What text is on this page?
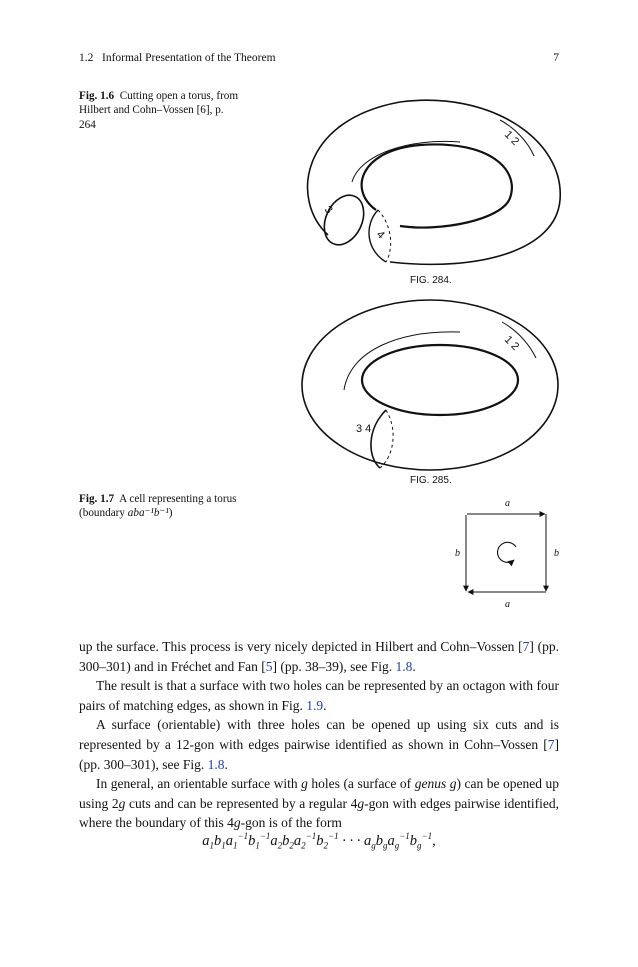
1.2   Informal Presentation of the Theorem	7
Fig. 1.6 Cutting open a torus, from Hilbert and Cohn–Vossen [6], p. 264
1 2
3
4
FIG. 284.
1 2
3 4
FIG. 285.
Fig. 1.7 A cell representing a torus (boundary aba⁻¹b⁻¹)
a
a
b	b

up the surface. This process is very nicely depicted in Hilbert and Cohn–Vossen [7] (pp. 300–301) and in Fréchet and Fan [5] (pp. 38–39), see Fig. 1.8.

The result is that a surface with two holes can be represented by an octagon with four pairs of matching edges, as shown in Fig. 1.9.

A surface (orientable) with three holes can be opened up using six cuts and is represented by a 12-gon with edges pairwise identified as shown in Cohn–Vossen [7] (pp. 300–301), see Fig. 1.8.

In general, an orientable surface with g holes (a surface of genus g) can be opened up using 2g cuts and can be represented by a regular 4g-gon with edges pairwise identified, where the boundary of this 4g-gon is of the form

$a_1b_1a_1^{-1}b_1^{-1}a_2b_2a_2^{-1}b_2^{-1}$ · · · $a_gb_ga_g^{-1}b_g^{-1}$,
